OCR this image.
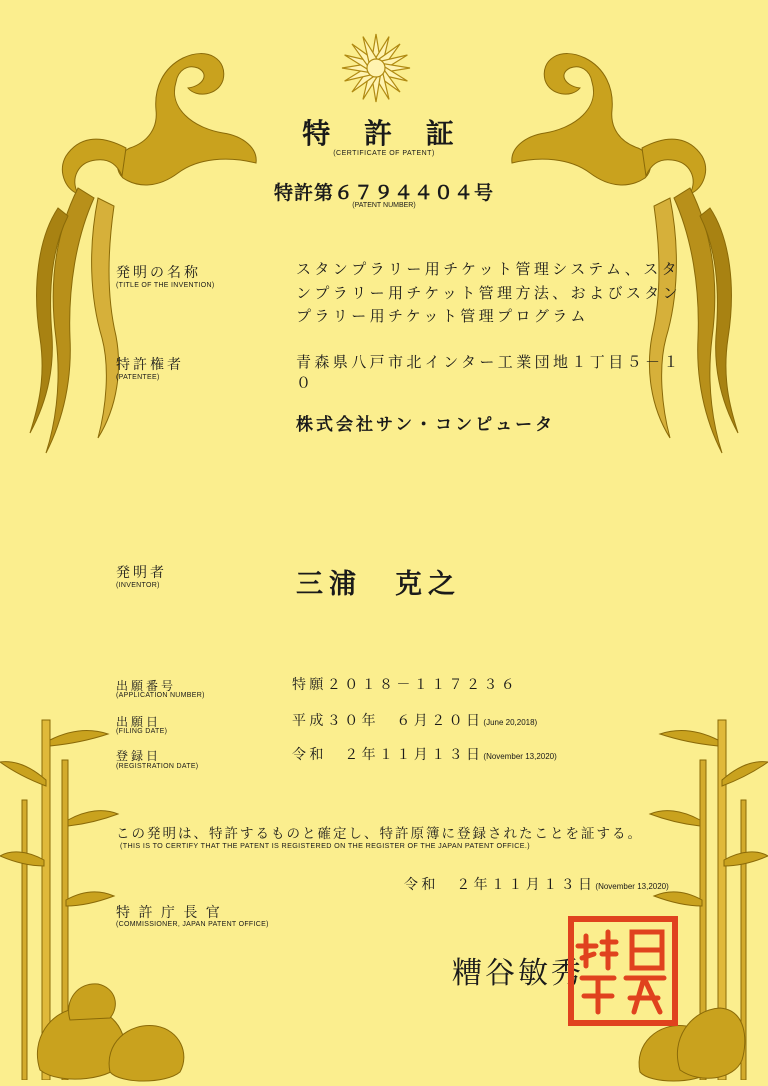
特 許 証
(CERTIFICATE OF PATENT)
特許第６７９４４０４号
(PATENT NUMBER)
発明の名称
(TITLE OF THE INVENTION)
スタンプラリー用チケット管理システム、スタ
ンプラリー用チケット管理方法、およびスタン
プラリー用チケット管理プログラム
特許権者
(PATENTEE)
青森県八戸市北インター工業団地１丁目５－１
０
株式会社サン・コンピュータ
発明者
(INVENTOR)	三浦　克之
出願番号
(APPLICATION NUMBER)
特願２０１８－１１７２３６
出願日
(FILING DATE)
平成３０年　６月２０日(June 20,2018)
登録日
(REGISTRATION DATE)
令和　２年１１月１３日(November 13,2020)
この発明は、特許するものと確定し、特許原簿に登録されたことを証する。
(THIS IS TO CERTIFY THAT THE PATENT IS REGISTERED ON THE REGISTER OF THE JAPAN PATENT OFFICE.)
令和　２年１１月１３日(November 13,2020)
特 許 庁 長 官
(COMMISSIONER, JAPAN PATENT OFFICE)
糟谷敏秀
